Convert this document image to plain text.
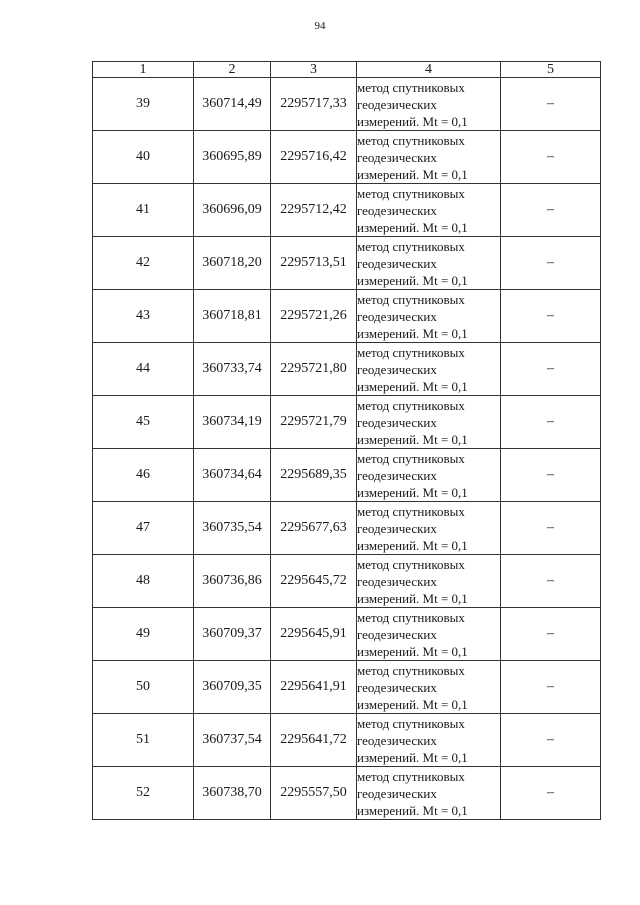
94
1	2	3	4	5
39	360714,49	2295717,33	метод спутниковых
геодезических
измерений. Mt = 0,1	–
40	360695,89	2295716,42	метод спутниковых
геодезических
измерений. Mt = 0,1	–
41	360696,09	2295712,42	метод спутниковых
геодезических
измерений. Mt = 0,1	–
42	360718,20	2295713,51	метод спутниковых
геодезических
измерений. Mt = 0,1	–
43	360718,81	2295721,26	метод спутниковых
геодезических
измерений. Mt = 0,1	–
44	360733,74	2295721,80	метод спутниковых
геодезических
измерений. Mt = 0,1	–
45	360734,19	2295721,79	метод спутниковых
геодезических
измерений. Mt = 0,1	–
46	360734,64	2295689,35	метод спутниковых
геодезических
измерений. Mt = 0,1	–
47	360735,54	2295677,63	метод спутниковых
геодезических
измерений. Mt = 0,1	–
48	360736,86	2295645,72	метод спутниковых
геодезических
измерений. Mt = 0,1	–
49	360709,37	2295645,91	метод спутниковых
геодезических
измерений. Mt = 0,1	–
50	360709,35	2295641,91	метод спутниковых
геодезических
измерений. Mt = 0,1	–
51	360737,54	2295641,72	метод спутниковых
геодезических
измерений. Mt = 0,1	–
52	360738,70	2295557,50	метод спутниковых
геодезических
измерений. Mt = 0,1	–
